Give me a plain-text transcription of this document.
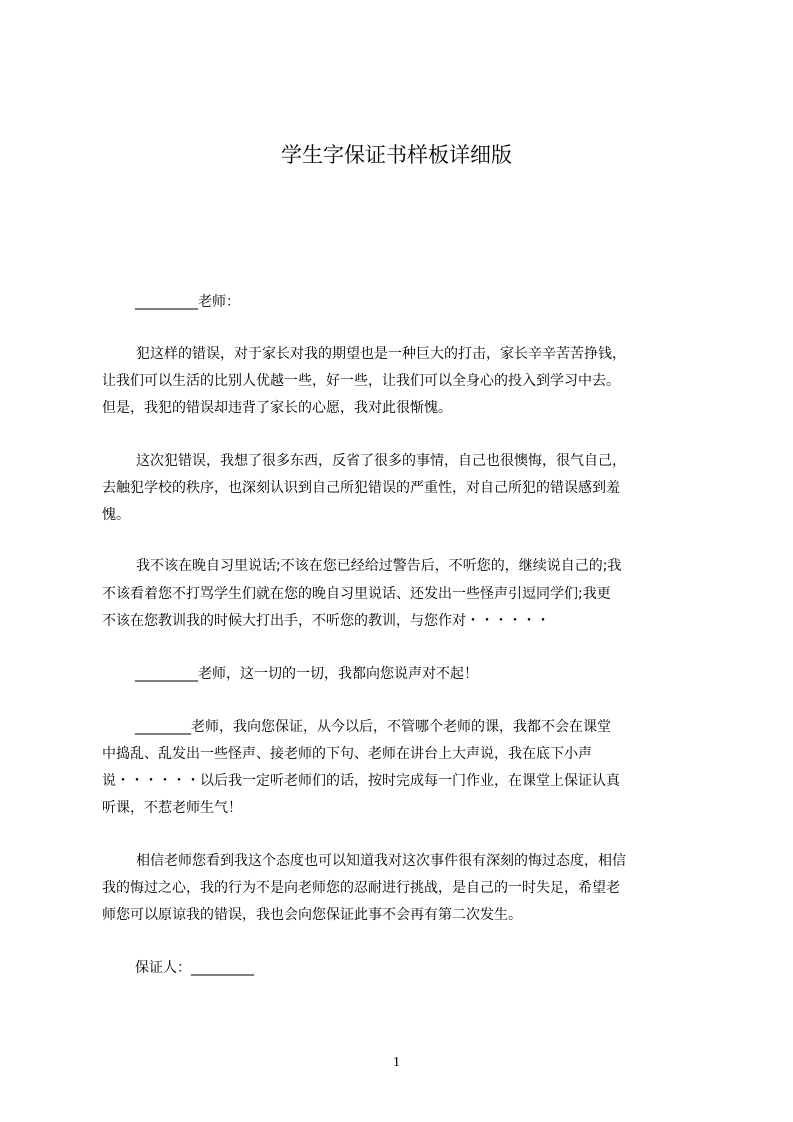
学生字保证书样板详细版
_________老师：
犯这样的错误，对于家长对我的期望也是一种巨大的打击，家长辛辛苦苦挣钱，
让我们可以生活的比别人优越一些，好一些，让我们可以全身心的投入到学习中去。
但是，我犯的错误却违背了家长的心愿，我对此很惭愧。
这次犯错误，我想了很多东西，反省了很多的事情，自己也很懊悔，很气自己，
去触犯学校的秩序，也深刻认识到自己所犯错误的严重性，对自己所犯的错误感到羞
愧。
我不该在晚自习里说话;不该在您已经给过警告后，不听您的，继续说自己的;我
不该看着您不打骂学生们就在您的晚自习里说话、还发出一些怪声引逗同学们;我更
不该在您教训我的时候大打出手，不听您的教训，与您作对・・・・・・
_________老师，这一切的一切，我都向您说声对不起！
________老师，我向您保证，从今以后，不管哪个老师的课，我都不会在课堂
中捣乱、乱发出一些怪声、接老师的下句、老师在讲台上大声说，我在底下小声
说・・・・・・以后我一定听老师们的话，按时完成每一门作业，在课堂上保证认真
听课，不惹老师生气！
相信老师您看到我这个态度也可以知道我对这次事件很有深刻的悔过态度，相信
我的悔过之心，我的行为不是向老师您的忍耐进行挑战，是自己的一时失足，希望老
师您可以原谅我的错误，我也会向您保证此事不会再有第二次发生。
保证人：_________
1
